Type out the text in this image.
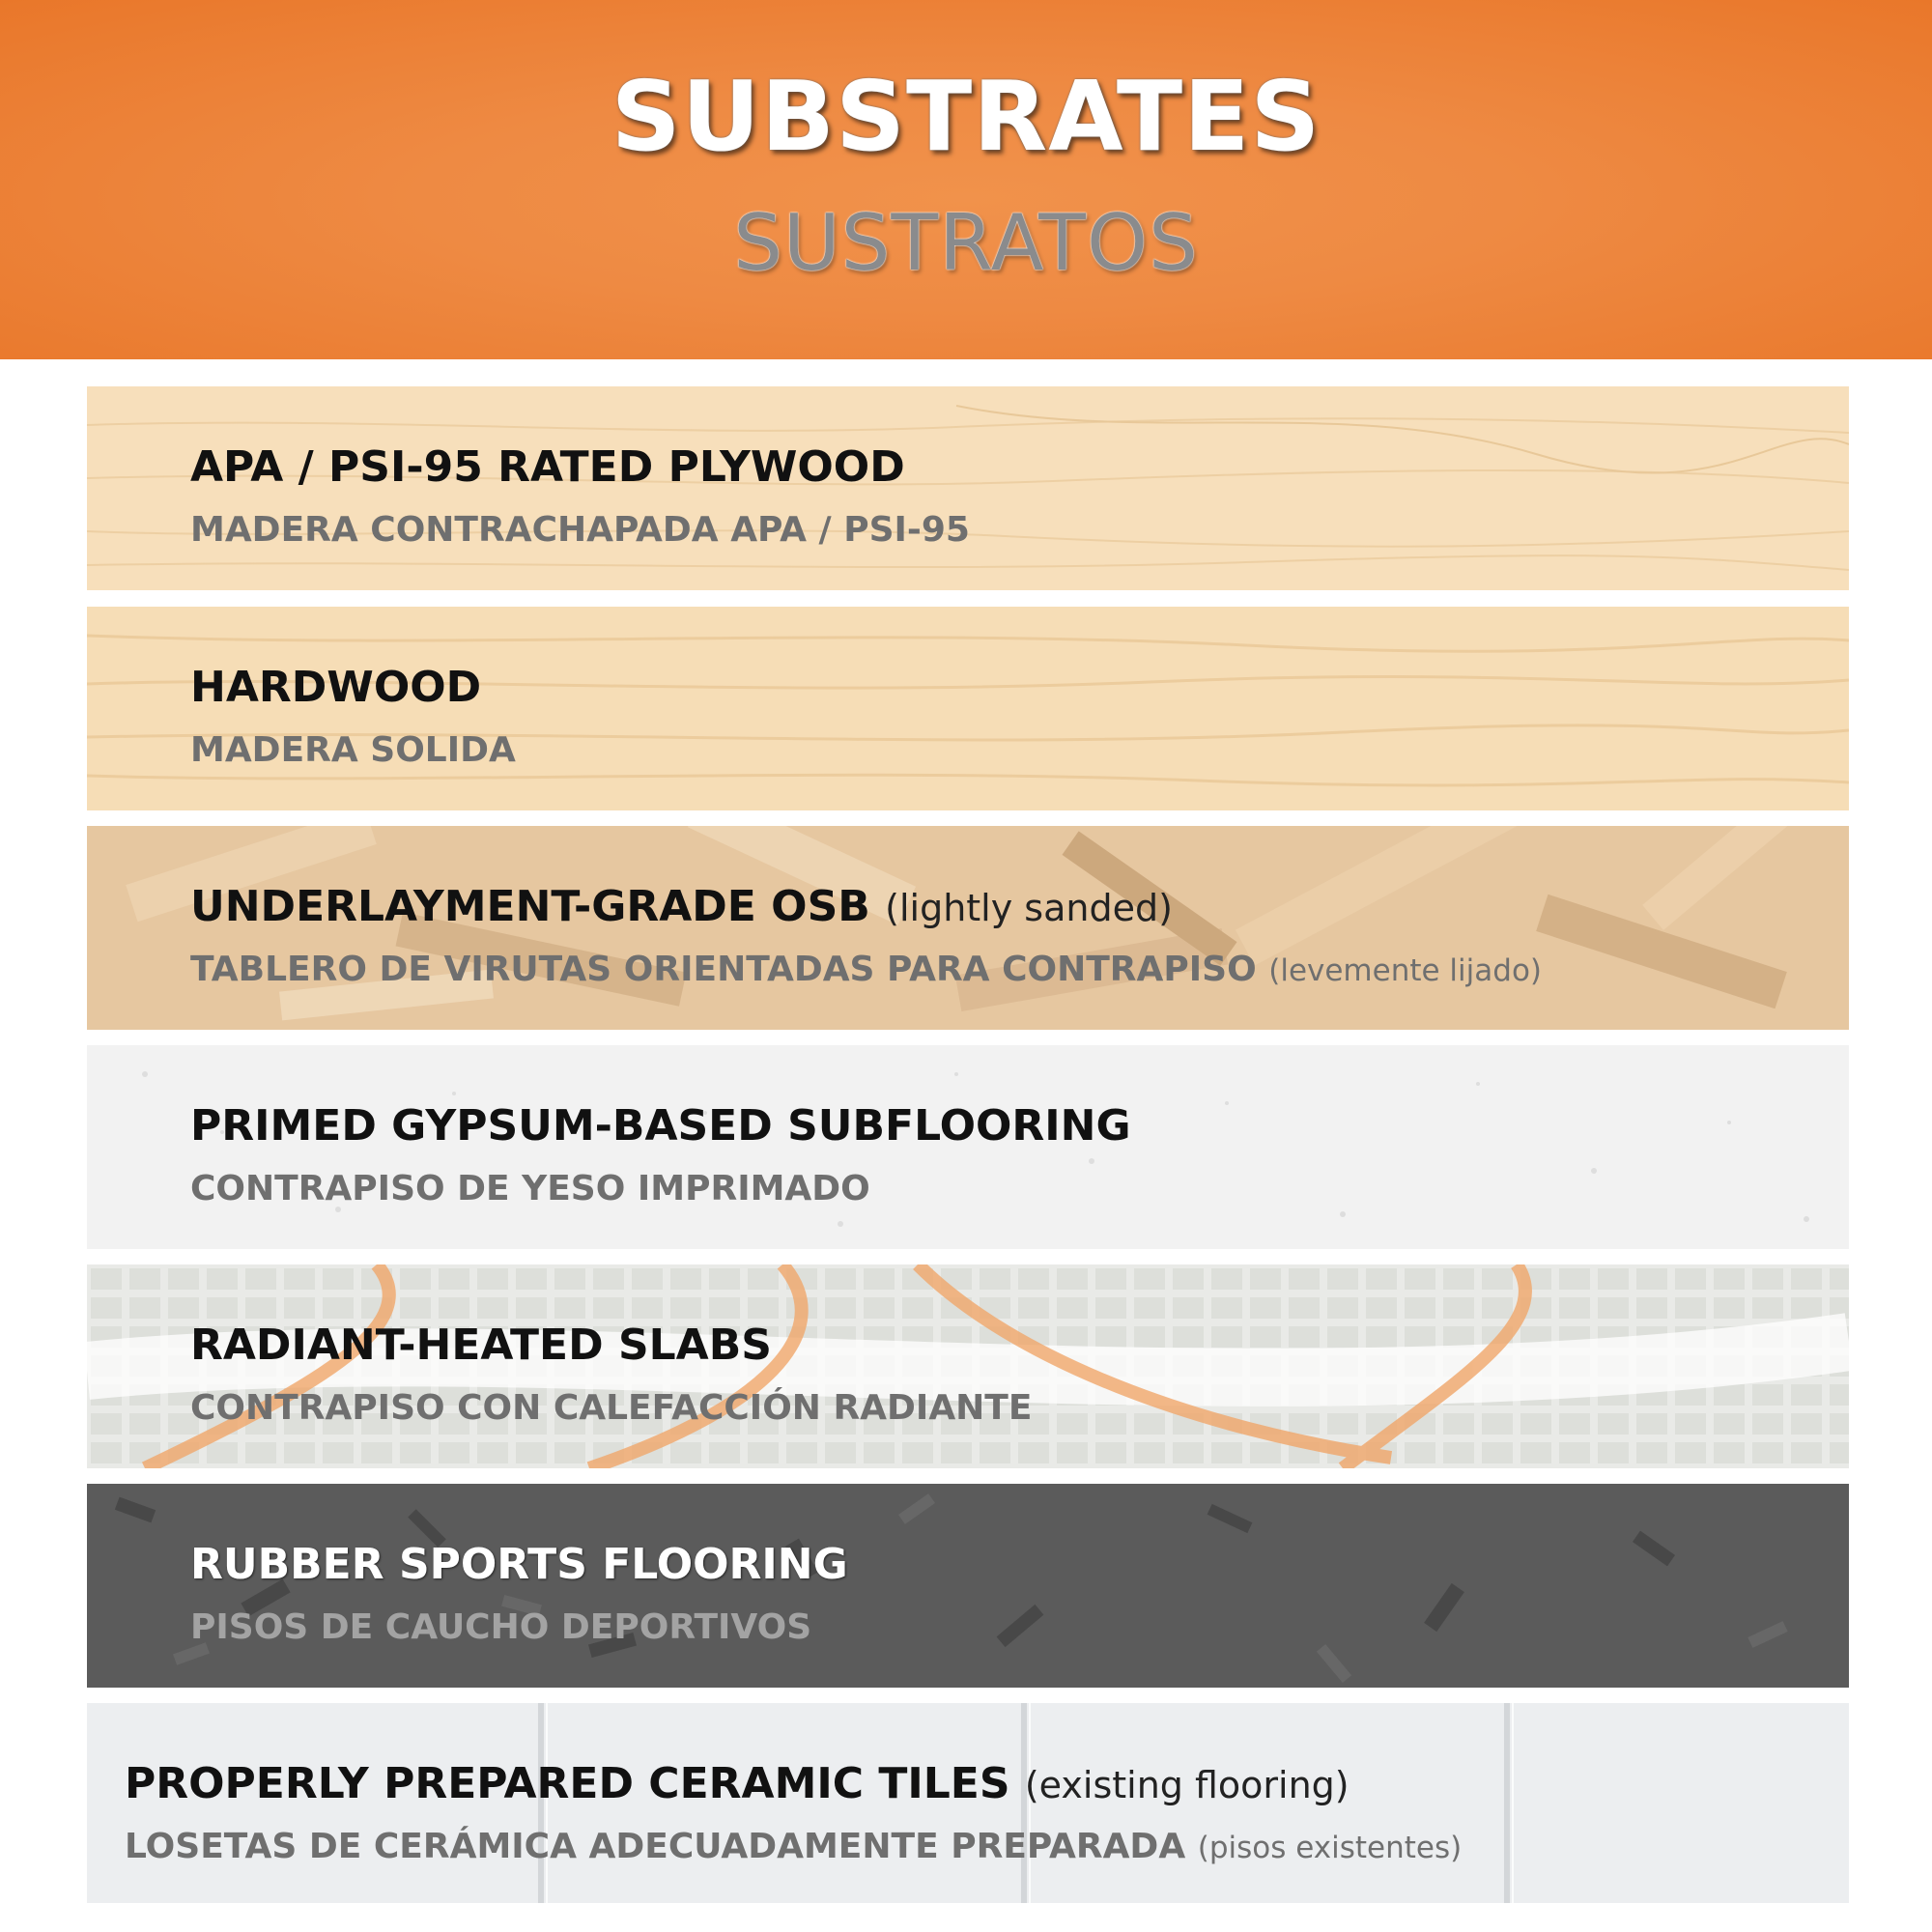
SUBSTRATES
SUSTRATOS
APA / PSI-95 RATED PLYWOOD
MADERA CONTRACHAPADA APA / PSI-95
HARDWOOD
MADERA SOLIDA
UNDERLAYMENT-GRADE OSB (lightly sanded)
TABLERO DE VIRUTAS ORIENTADAS PARA CONTRAPISO (levemente lijado)
PRIMED GYPSUM-BASED SUBFLOORING
CONTRAPISO DE YESO IMPRIMADO
RADIANT-HEATED SLABS
CONTRAPISO CON CALEFACCIÓN RADIANTE
RUBBER SPORTS FLOORING
PISOS DE CAUCHO DEPORTIVOS
PROPERLY PREPARED CERAMIC TILES (existing flooring)
LOSETAS DE CERÁMICA ADECUADAMENTE PREPARADA (pisos existentes)
